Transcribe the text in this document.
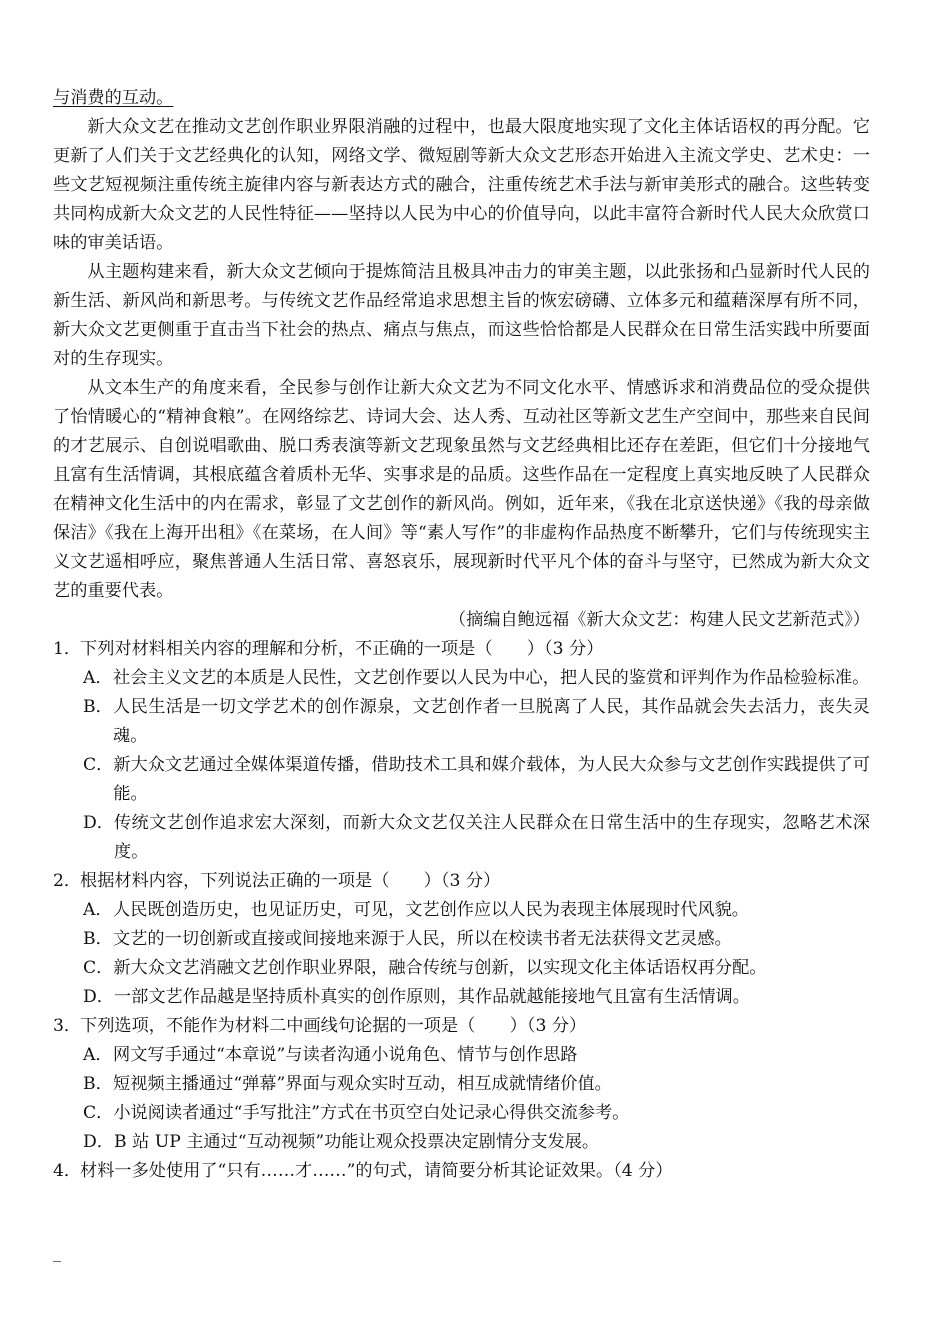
与消费的互动。

新大众文艺在推动文艺创作职业界限消融的过程中，也最大限度地实现了文化主体话语权的再分配。它更新了人们关于文艺经典化的认知，网络文学、微短剧等新大众文艺形态开始进入主流文学史、艺术史：一些文艺短视频注重传统主旋律内容与新表达方式的融合，注重传统艺术手法与新审美形式的融合。这些转变共同构成新大众文艺的人民性特征——坚持以人民为中心的价值导向，以此丰富符合新时代人民大众欣赏口味的审美话语。

从主题构建来看，新大众文艺倾向于提炼简洁且极具冲击力的审美主题，以此张扬和凸显新时代人民的新生活、新风尚和新思考。与传统文艺作品经常追求思想主旨的恢宏磅礴、立体多元和蕴藉深厚有所不同，新大众文艺更侧重于直击当下社会的热点、痛点与焦点，而这些恰恰都是人民群众在日常生活实践中所要面对的生存现实。

从文本生产的角度来看，全民参与创作让新大众文艺为不同文化水平、情感诉求和消费品位的受众提供了怡情暖心的“精神食粮”。在网络综艺、诗词大会、达人秀、互动社区等新文艺生产空间中，那些来自民间的才艺展示、自创说唱歌曲、脱口秀表演等新文艺现象虽然与文艺经典相比还存在差距，但它们十分接地气且富有生活情调，其根底蕴含着质朴无华、实事求是的品质。这些作品在一定程度上真实地反映了人民群众在精神文化生活中的内在需求，彰显了文艺创作的新风尚。例如，近年来，《我在北京送快递》《我的母亲做保洁》《我在上海开出租》《在菜场，在人间》等“素人写作”的非虚构作品热度不断攀升，它们与传统现实主义文艺遥相呼应，聚焦普通人生活日常、喜怒哀乐，展现新时代平凡个体的奋斗与坚守，已然成为新大众文艺的重要代表。

（摘编自鲍远福《新大众文艺：构建人民文艺新范式》）

1．下列对材料相关内容的理解和分析，不正确的一项是（　　）（3 分）

A． 社会主义文艺的本质是人民性，文艺创作要以人民为中心，把人民的鉴赏和评判作为作品检验标准。
B． 人民生活是一切文学艺术的创作源泉，文艺创作者一旦脱离了人民，其作品就会失去活力，丧失灵魂。
C． 新大众文艺通过全媒体渠道传播，借助技术工具和媒介载体，为人民大众参与文艺创作实践提供了可能。
D． 传统文艺创作追求宏大深刻，而新大众文艺仅关注人民群众在日常生活中的生存现实，忽略艺术深度。

2．根据材料内容，下列说法正确的一项是（　　）（3 分）

A． 人民既创造历史，也见证历史，可见，文艺创作应以人民为表现主体展现时代风貌。
B． 文艺的一切创新或直接或间接地来源于人民，所以在校读书者无法获得文艺灵感。
C． 新大众文艺消融文艺创作职业界限，融合传统与创新，以实现文化主体话语权再分配。
D． 一部文艺作品越是坚持质朴真实的创作原则，其作品就越能接地气且富有生活情调。

3．下列选项，不能作为材料二中画线句论据的一项是（　　）（3 分）

A． 网文写手通过“本章说”与读者沟通小说角色、情节与创作思路
B． 短视频主播通过“弹幕”界面与观众实时互动，相互成就情绪价值。
C． 小说阅读者通过“手写批注”方式在书页空白处记录心得供交流参考。
D． B 站 UP 主通过“互动视频”功能让观众投票决定剧情分支发展。

4．材料一多处使用了“只有……才……”的句式，请简要分析其论证效果。（4 分）

_
